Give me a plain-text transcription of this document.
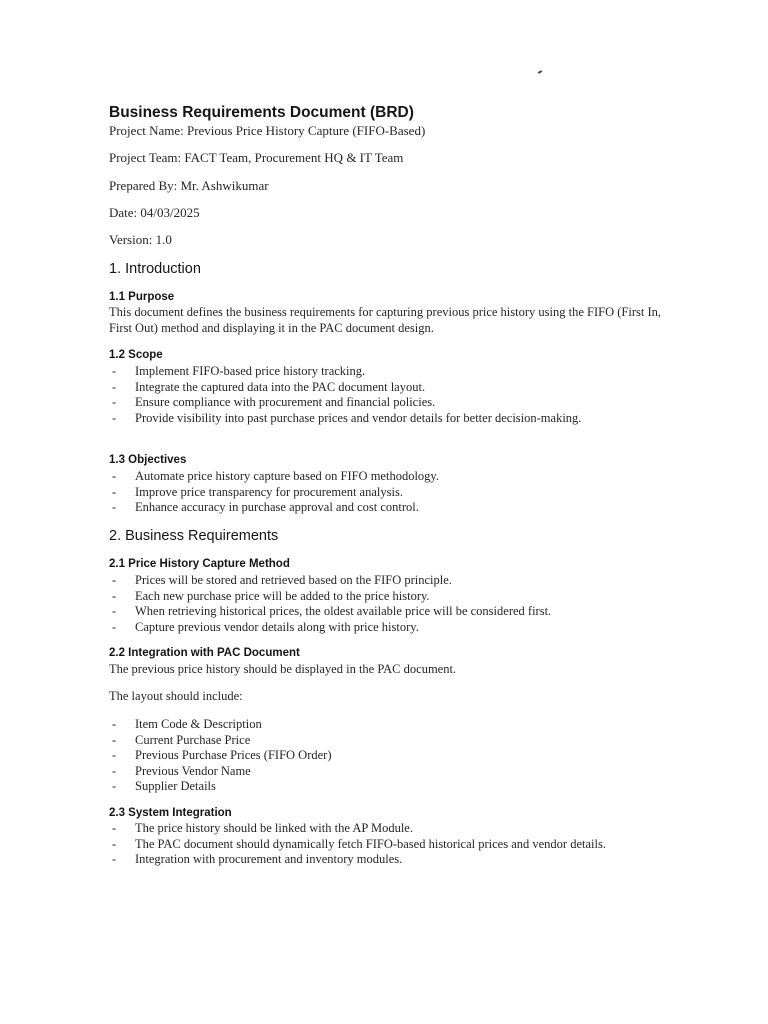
Business Requirements Document (BRD)
Project Name: Previous Price History Capture (FIFO-Based)
Project Team: FACT Team, Procurement HQ & IT Team
Prepared By: Mr. Ashwikumar
Date: 04/03/2025
Version: 1.0
1. Introduction
1.1 Purpose
This document defines the business requirements for capturing previous price history using the FIFO (First In, First Out) method and displaying it in the PAC document design.
1.2 Scope
- Implement FIFO-based price history tracking.
- Integrate the captured data into the PAC document layout.
- Ensure compliance with procurement and financial policies.
- Provide visibility into past purchase prices and vendor details for better decision-making.
1.3 Objectives
- Automate price history capture based on FIFO methodology.
- Improve price transparency for procurement analysis.
- Enhance accuracy in purchase approval and cost control.
2. Business Requirements
2.1 Price History Capture Method
- Prices will be stored and retrieved based on the FIFO principle.
- Each new purchase price will be added to the price history.
- When retrieving historical prices, the oldest available price will be considered first.
- Capture previous vendor details along with price history.
2.2 Integration with PAC Document
The previous price history should be displayed in the PAC document.
The layout should include:
- Item Code & Description
- Current Purchase Price
- Previous Purchase Prices (FIFO Order)
- Previous Vendor Name
- Supplier Details
2.3 System Integration
- The price history should be linked with the AP Module.
- The PAC document should dynamically fetch FIFO-based historical prices and vendor details.
- Integration with procurement and inventory modules.
